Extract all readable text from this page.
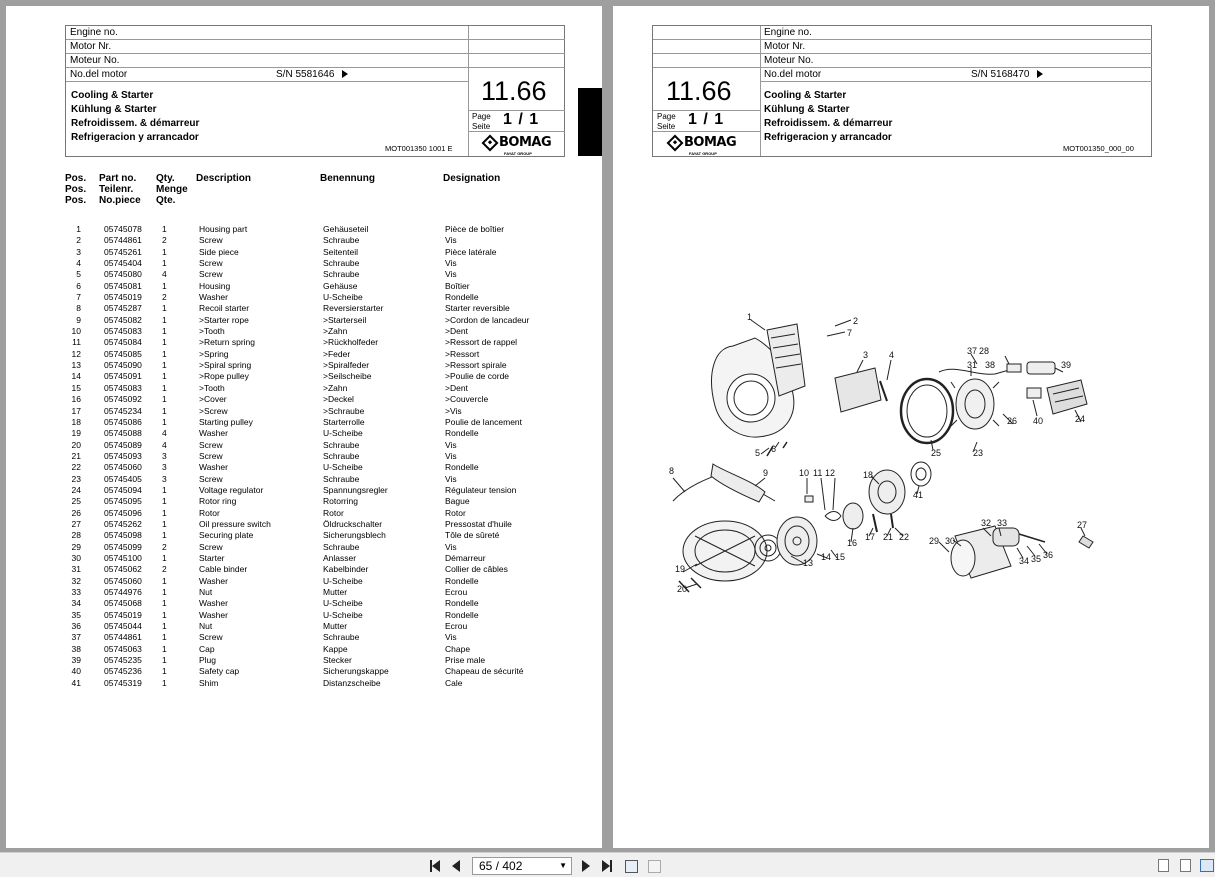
Engine no.
Motor Nr.
Moteur No.
No.del motor	S/N 5581646
Cooling & Starter
Kühlung & Starter
Refroidissem. & démarreur
Refrigeracion y arrancador
11.66
Page
Seite 1 / 1
BOMAG
FAYAT GROUP
MOT001350 1001 E
Pos.
Pos.
Pos.
Part no.
Teilenr.
No.piece
Qty.
Menge
Qte.
Description	Benennung	Designation
1	05745078 1	Housing part	Gehäuseteil	Pièce de boîtier
2	05744861 2	Screw	Schraube	Vis
3	05745261 1	Side piece	Seitenteil	Pièce latérale
4	05745404 1	Screw	Schraube	Vis
5	05745080 4	Screw	Schraube	Vis
6	05745081 1	Housing	Gehäuse	Boîtier
7	05745019 2	Washer	U-Scheibe	Rondelle
8	05745287 1	Recoil starter	Reversierstarter	Starter reversible
9	05745082 1	>Starter rope	>Starterseil	>Cordon de lancadeur
10	05745083 1	>Tooth	>Zahn	>Dent
11	05745084 1	>Return spring	>Rückholfeder	>Ressort de rappel
12	05745085 1	>Spring	>Feder	>Ressort
13	05745090 1	>Spiral spring	>Spiralfeder	>Ressort spirale
14	05745091 1	>Rope pulley	>Seilscheibe	>Poulie de corde
15	05745083 1	>Tooth	>Zahn	>Dent
16	05745092 1	>Cover	>Deckel	>Couvercle
17	05745234 1	>Screw	>Schraube	>Vis
18	05745086 1	Starting pulley	Starterrolle	Poulie de lancement
19	05745088 4	Washer	U-Scheibe	Rondelle
20	05745089 4	Screw	Schraube	Vis
21	05745093 3	Screw	Schraube	Vis
22	05745060 3	Washer	U-Scheibe	Rondelle
23	05745405 3	Screw	Schraube	Vis
24	05745094 1	Voltage regulator	Spannungsregler	Régulateur tension
25	05745095 1	Rotor ring	Rotorring	Bague
26	05745096 1	Rotor	Rotor	Rotor
27	05745262 1	Oil pressure switch	Öldruckschalter	Pressostat d'huile
28	05745098 1	Securing plate	Sicherungsblech	Tôle de sûreté
29	05745099 2	Screw	Schraube	Vis
30	05745100 1	Starter	Anlasser	Démarreur
31	05745062 2	Cable binder	Kabelbinder	Collier de câbles
32	05745060 1	Washer	U-Scheibe	Rondelle
33	05744976 1	Nut	Mutter	Ecrou
34	05745068 1	Washer	U-Scheibe	Rondelle
35	05745019 1	Washer	U-Scheibe	Rondelle
36	05745044 1	Nut	Mutter	Ecrou
37	05744861 1	Screw	Schraube	Vis
38	05745063 1	Cap	Kappe	Chape
39	05745235 1	Plug	Stecker	Prise male
40	05745236 1	Safety cap	Sicherungskappe	Chapeau de sécurité
41	05745319 1	Shim	Distanzscheibe	Cale
Engine no.
Motor Nr.
Moteur No.
No.del motor	S/N 5168470
11.66
Page
Seite 1 / 1
BOMAG
FAYAT GROUP
Cooling & Starter
Kühlung & Starter
Refroidissem. & démarreur
Refrigeracion y arrancador
MOT001350_000_00
1	2
7
3 4	37 28
31 38	39
26 40	24
25	23
5 6
8	9	10 11 12	18
41
16
17 21 22
14 15
13
19
20
29 30
32 33
34 35 36
27
65 / 402	▼
